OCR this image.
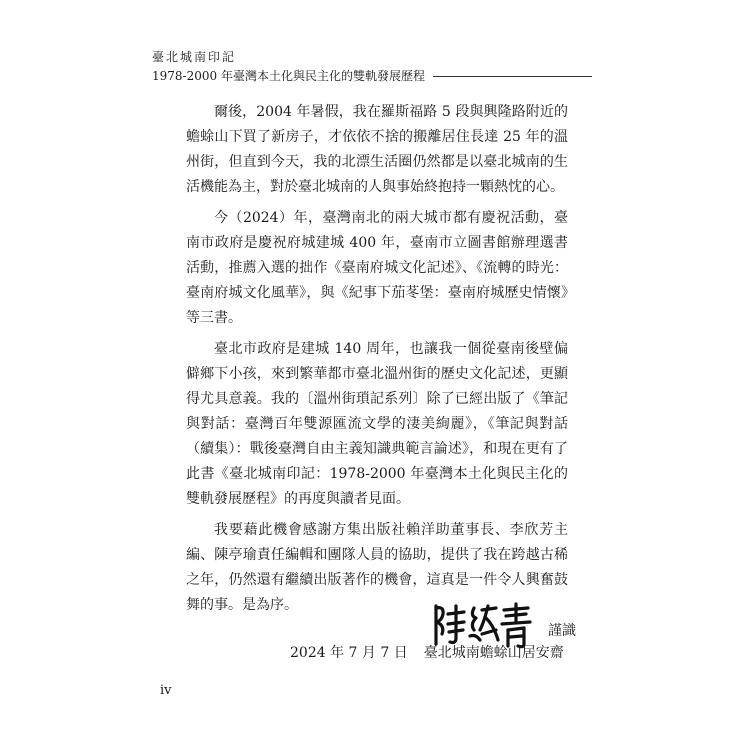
臺北城南印記
1978-2000 年臺灣本土化與民主化的雙軌發展歷程

爾後，2004 年暑假，我在羅斯福路 5 段與興隆路附近的蟾蜍山下買了新房子，才依依不捨的搬離居住長達 25 年的溫州街，但直到今天，我的北漂生活圈仍然都是以臺北城南的生活機能為主，對於臺北城南的人與事始終抱持一顆熱忱的心。

今（2024）年，臺灣南北的兩大城市都有慶祝活動，臺南市政府是慶祝府城建城 400 年，臺南市立圖書館辦理選書活動，推薦入選的拙作《臺南府城文化記述》、《流轉的時光：臺南府城文化風華》，與《紀事下茄苳堡：臺南府城歷史情懷》等三書。

臺北市政府是建城 140 周年，也讓我一個從臺南後壁偏僻鄉下小孩，來到繁華都市臺北溫州街的歷史文化記述，更顯得尤具意義。我的〔溫州街瑣記系列〕除了已經出版了《筆記與對話：臺灣百年雙源匯流文學的淒美絢麗》，《筆記與對話（續集）：戰後臺灣自由主義知識典範言論述》，和現在更有了此書《臺北城南印記：1978-2000 年臺灣本土化與民主化的雙軌發展歷程》的再度與讀者見面。

我要藉此機會感謝方集出版社賴洋助董事長、李欣芳主編、陳亭瑜責任編輯和團隊人員的協助，提供了我在跨越古稀之年，仍然還有繼續出版著作的機會，這真是一件令人興奮鼓舞的事。是為序。

謹識
2024 年 7 月 7 日 臺北城南蟾蜍山居安齋
iv
